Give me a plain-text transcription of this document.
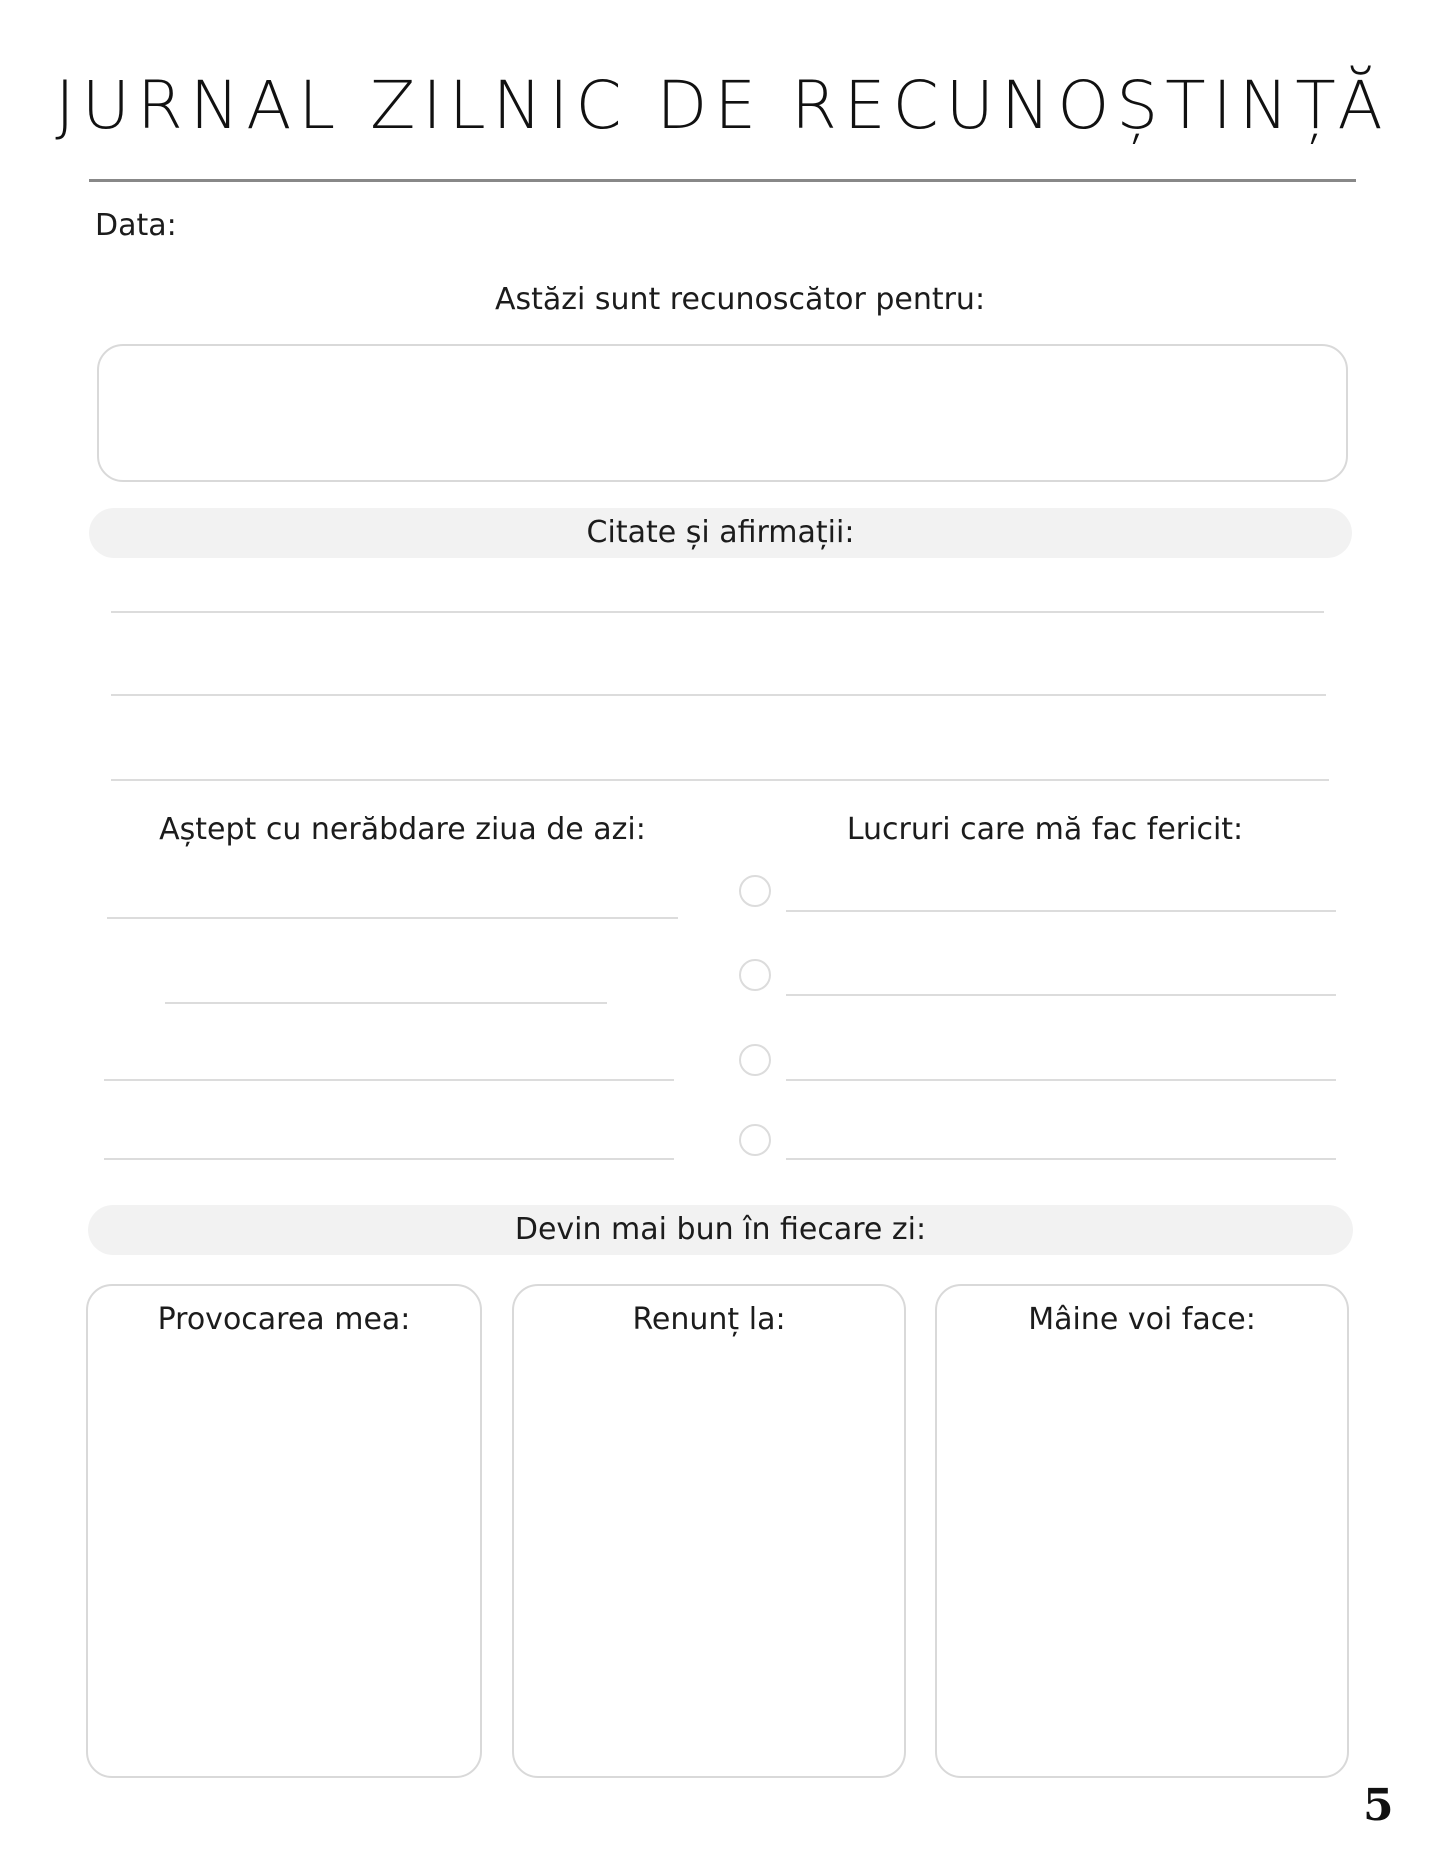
JURNAL ZILNIC DE RECUNOȘTINȚĂ
Data:
Astăzi sunt recunoscător pentru:
Citate și afirmații:
Aștept cu nerăbdare ziua de azi:	Lucruri care mă fac fericit:
Devin mai bun în fiecare zi:
Provocarea mea:	Renunț la:	Mâine voi face:
5
